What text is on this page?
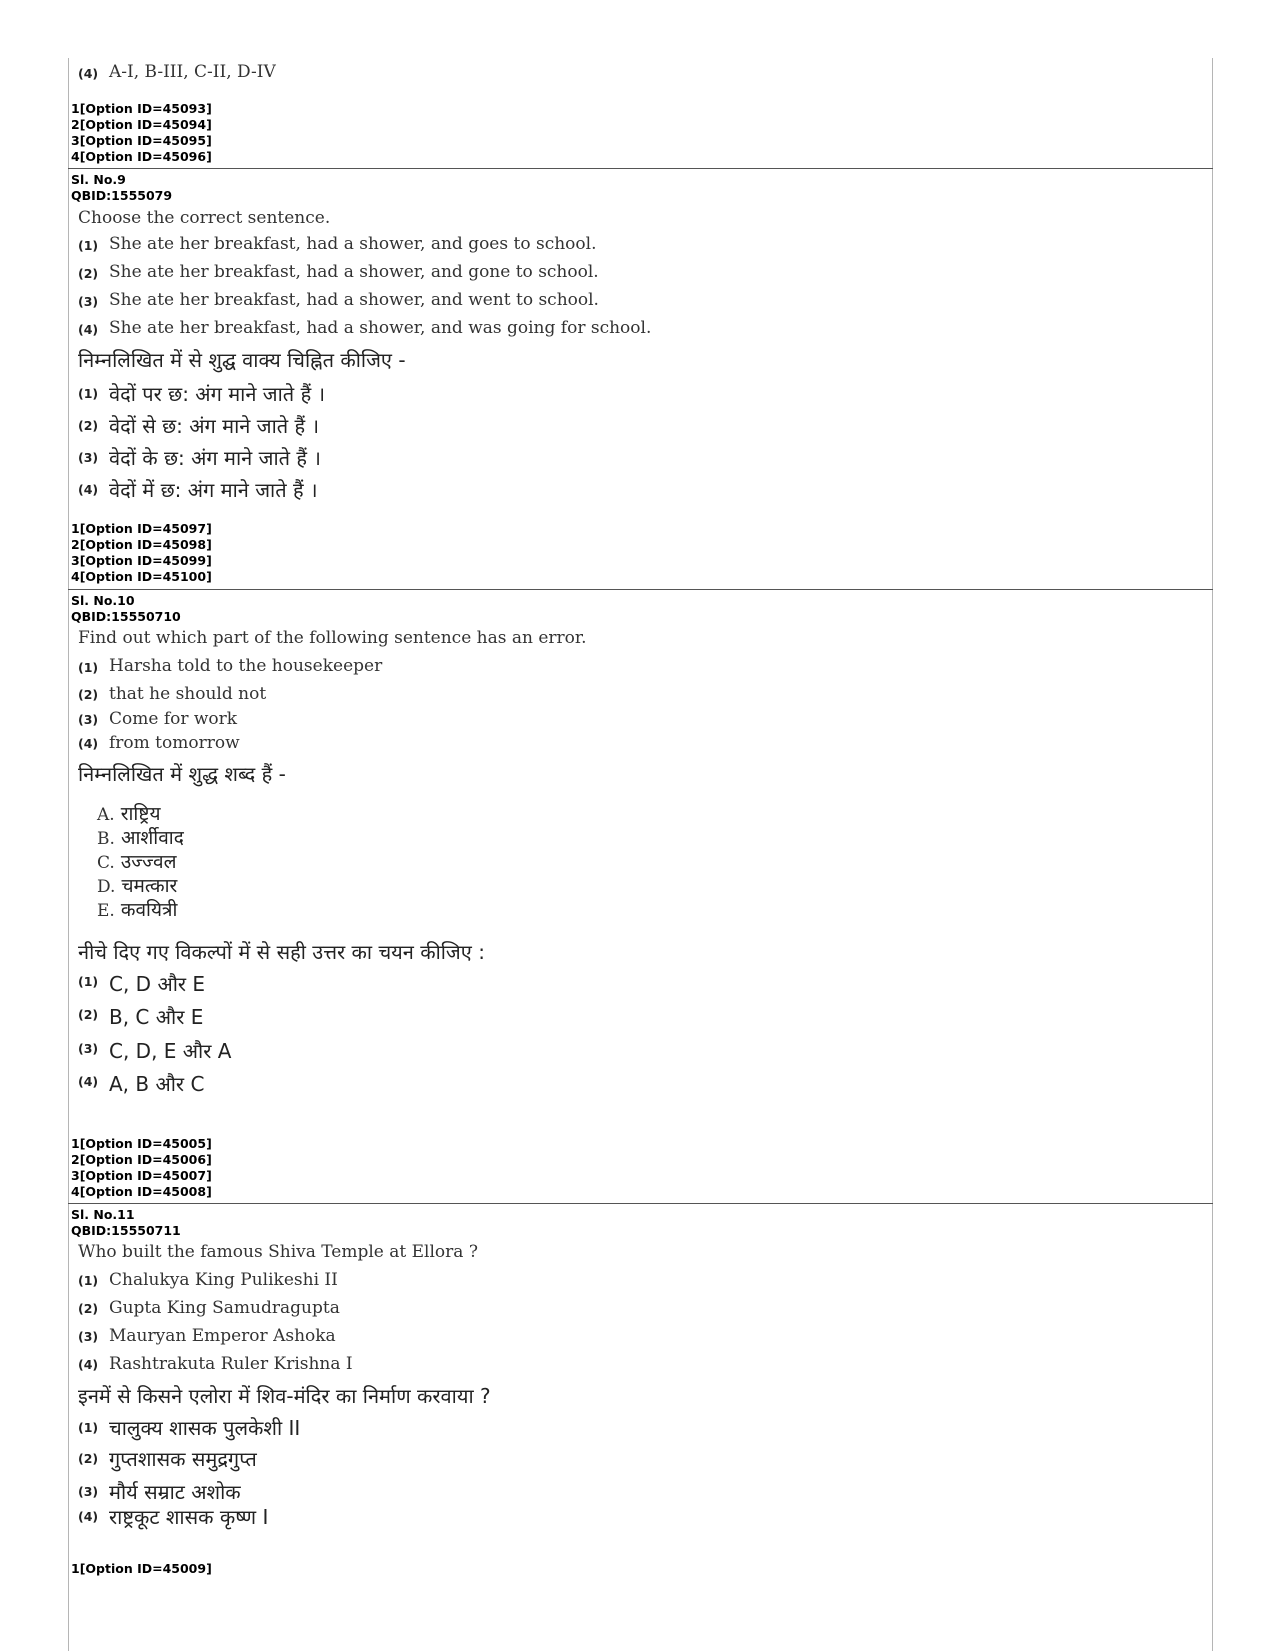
(4) A-I, B-III, C-II, D-IV
1[Option ID=45093]
2[Option ID=45094]
3[Option ID=45095]
4[Option ID=45096]
Sl. No.9
QBID:1555079
Choose the correct sentence.
(1) She ate her breakfast, had a shower, and goes to school.
(2) She ate her breakfast, had a shower, and gone to school.
(3) She ate her breakfast, had a shower, and went to school.
(4) She ate her breakfast, had a shower, and was going for school.
निम्नलिखित में से शुद्घ वाक्य चिह्नित कीजिए -
(1) वेदों पर छ: अंग माने जाते हैं ।
(2) वेदों से छ: अंग माने जाते हैं ।
(3) वेदों के छ: अंग माने जाते हैं ।
(4) वेदों में छ: अंग माने जाते हैं ।
1[Option ID=45097]
2[Option ID=45098]
3[Option ID=45099]
4[Option ID=45100]
Sl. No.10
QBID:15550710
Find out which part of the following sentence has an error.
(1) Harsha told to the housekeeper
(2) that he should not
(3) Come for work
(4) from tomorrow
निम्नलिखित में शुद्ध शब्द हैं -
A. राष्ट्रिय
B. आर्शीवाद
C. उज्ज्वल
D. चमत्कार
E. कवयित्री
नीचे दिए गए विकल्पों में से सही उत्तर का चयन कीजिए :
(1) C, D और E
(2) B, C और E
(3) C, D, E और A
(4) A, B और C
1[Option ID=45005]
2[Option ID=45006]
3[Option ID=45007]
4[Option ID=45008]
Sl. No.11
QBID:15550711
Who built the famous Shiva Temple at Ellora ?
(1) Chalukya King Pulikeshi II
(2) Gupta King Samudragupta
(3) Mauryan Emperor Ashoka
(4) Rashtrakuta Ruler Krishna I
इनमें से किसने एलोरा में शिव-मंदिर का निर्माण करवाया ?
(1) चालुक्य शासक पुलकेशी II
(2) गुप्तशासक समुद्रगुप्त
(3) मौर्य सम्राट अशोक
(4) राष्ट्रकूट शासक कृष्ण I
1[Option ID=45009]
